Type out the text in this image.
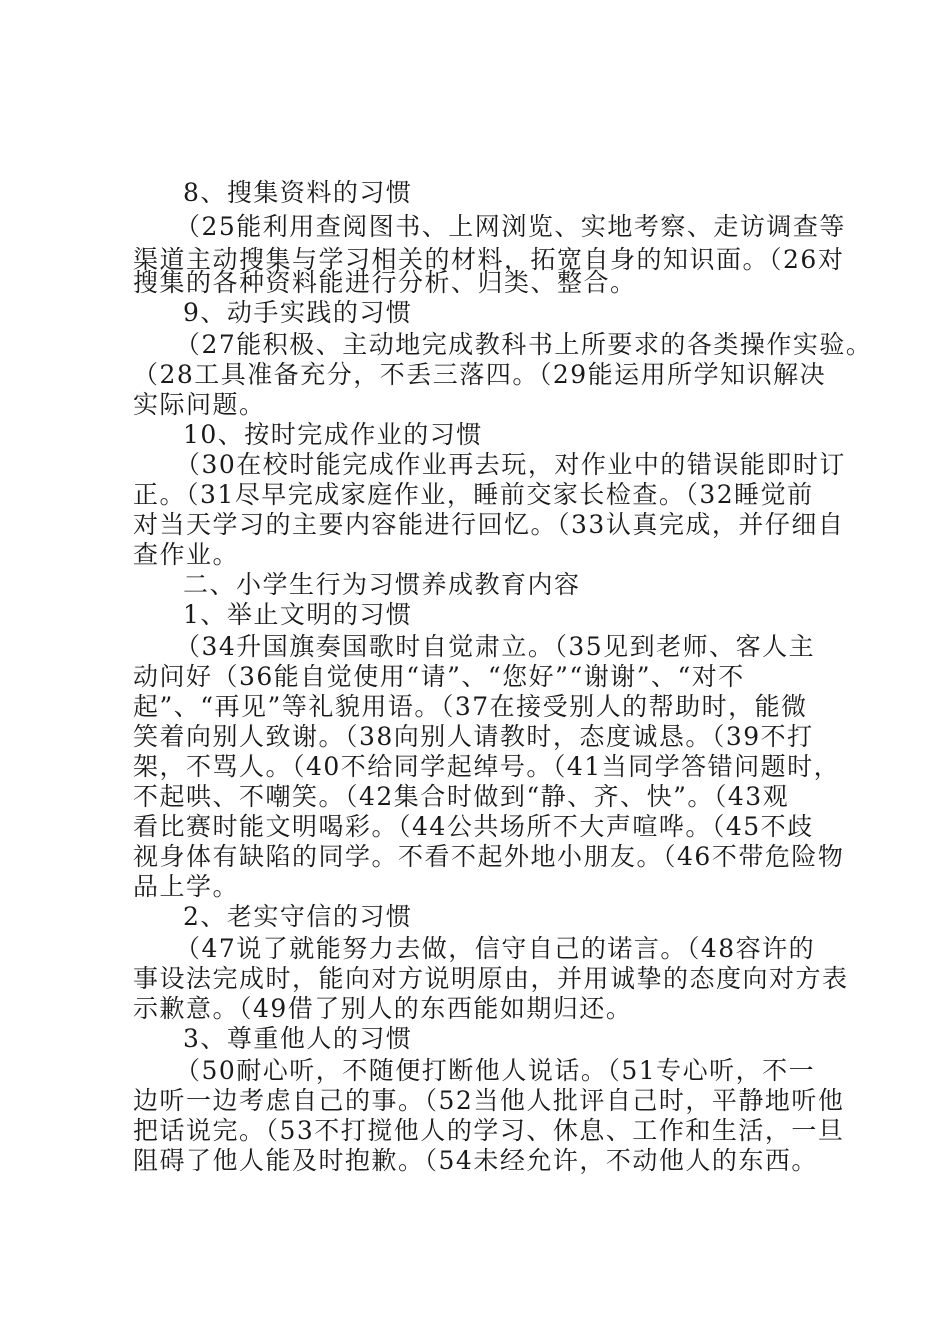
8、搜集资料的习惯
（25能利用查阅图书、上网浏览、实地考察、走访调查等
渠道主动搜集与学习相关的材料，拓宽自身的知识面。（26对
搜集的各种资料能进行分析、归类、整合。
9、动手实践的习惯
（27能积极、主动地完成教科书上所要求的各类操作实验。
（28工具准备充分，不丢三落四。（29能运用所学知识解决
实际问题。
10、按时完成作业的习惯
（30在校时能完成作业再去玩，对作业中的错误能即时订
正。（31尽早完成家庭作业，睡前交家长检查。（32睡觉前
对当天学习的主要内容能进行回忆。（33认真完成，并仔细自
查作业。
二、小学生行为习惯养成教育内容
1、举止文明的习惯
（34升国旗奏国歌时自觉肃立。（35见到老师、客人主
动问好（36能自觉使用“请”、“您好”“谢谢”、“对不
起”、“再见”等礼貌用语。（37在接受别人的帮助时，能微
笑着向别人致谢。（38向别人请教时，态度诚恳。（39不打
架，不骂人。（40不给同学起绰号。（41当同学答错问题时，
不起哄、不嘲笑。（42集合时做到“静、齐、快”。（43观
看比赛时能文明喝彩。（44公共场所不大声喧哗。（45不歧
视身体有缺陷的同学。不看不起外地小朋友。（46不带危险物
品上学。
2、老实守信的习惯
（47说了就能努力去做，信守自己的诺言。（48容许的
事设法完成时，能向对方说明原由，并用诚挚的态度向对方表
示歉意。（49借了别人的东西能如期归还。
3、尊重他人的习惯
（50耐心听，不随便打断他人说话。（51专心听，不一
边听一边考虑自己的事。（52当他人批评自己时，平静地听他
把话说完。（53不打搅他人的学习、休息、工作和生活，一旦
阻碍了他人能及时抱歉。（54未经允许，不动他人的东西。
